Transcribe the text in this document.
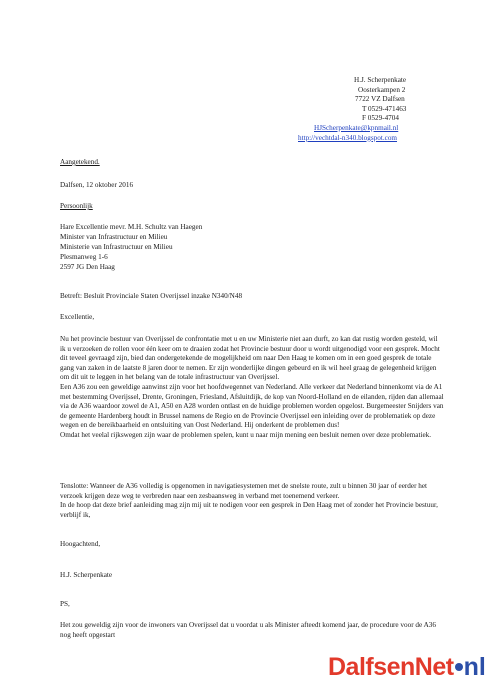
H.J. Scherpenkate
Oosterkampen 2
7722 VZ Dalfsen
T 0529-471463
F 0529-4704
HJScherpenkate@kpnmail.nl
http://vechtdal-n340.blogspot.com
Aangetekend.
Dalfsen, 12 oktober 2016
Persoonlijk
Hare Excellentie mevr. M.H. Schultz van Haegen
Minister van Infrastructuur en Milieu
Ministerie van Infrastructuur en Milieu
Plesmanweg 1-6
2597 JG Den Haag
Betreft: Besluit Provinciale Staten Overijssel inzake N340/N48
Excellentie,

Nu het provincie bestuur van Overijssel de confrontatie met u en uw Ministerie niet aan durft, zo kan dat rustig worden gesteld, wil ik u verzoeken de rollen voor één keer om te draaien zodat het Provincie bestuur door u wordt uitgenodigd voor een gesprek. Mocht dit teveel gevraagd zijn, bied dan ondergetekende de mogelijkheid om naar Den Haag te komen om in een goed gesprek de totale gang van zaken in de laatste 8 jaren door te nemen. Er zijn wonderlijke dingen gebeurd en ik wil heel graag de gelegenheid krijgen om dit uit te leggen in het belang van de totale infrastructuur van Overijssel.

Een A36 zou een geweldige aanwinst zijn voor het hoofdwegennet van Nederland. Alle verkeer dat Nederland binnenkomt via de A1 met bestemming Overijssel, Drente, Groningen, Friesland, Afsluitdijk, de kop van Noord-Holland en de eilanden, rijden dan allemaal via de A36 waardoor zowel de A1, A50 en A28 worden ontlast en de huidige problemen worden opgelost. Burgemeester Snijders van de gemeente Hardenberg houdt in Brussel namens de Regio en de Provincie Overijssel een inleiding over de problematiek op deze wegen en de bereikbaarheid en ontsluiting van Oost Nederland. Hij onderkent de problemen dus!

Omdat het veelal rijkswegen zijn waar de problemen spelen, kunt u naar mijn mening een besluit nemen over deze problematiek.

Tenslotte: Wanneer de A36 volledig is opgenomen in navigatiesystemen met de snelste route, zult u binnen 30 jaar of eerder het verzoek krijgen deze weg te verbreden naar een zesbaansweg in verband met toenemend verkeer.

In de hoop dat deze brief aanleiding mag zijn mij uit te nodigen voor een gesprek in Den Haag met of zonder het Provincie bestuur, verblijf ik,

Hoogachtend,
H.J. Scherpenkate
PS,

Het zou geweldig zijn voor de inwoners van Overijssel dat u voordat u als Minister afteedt komend jaar, de procedure voor de A36 nog heeft opgestart

DalfsenNet nl
